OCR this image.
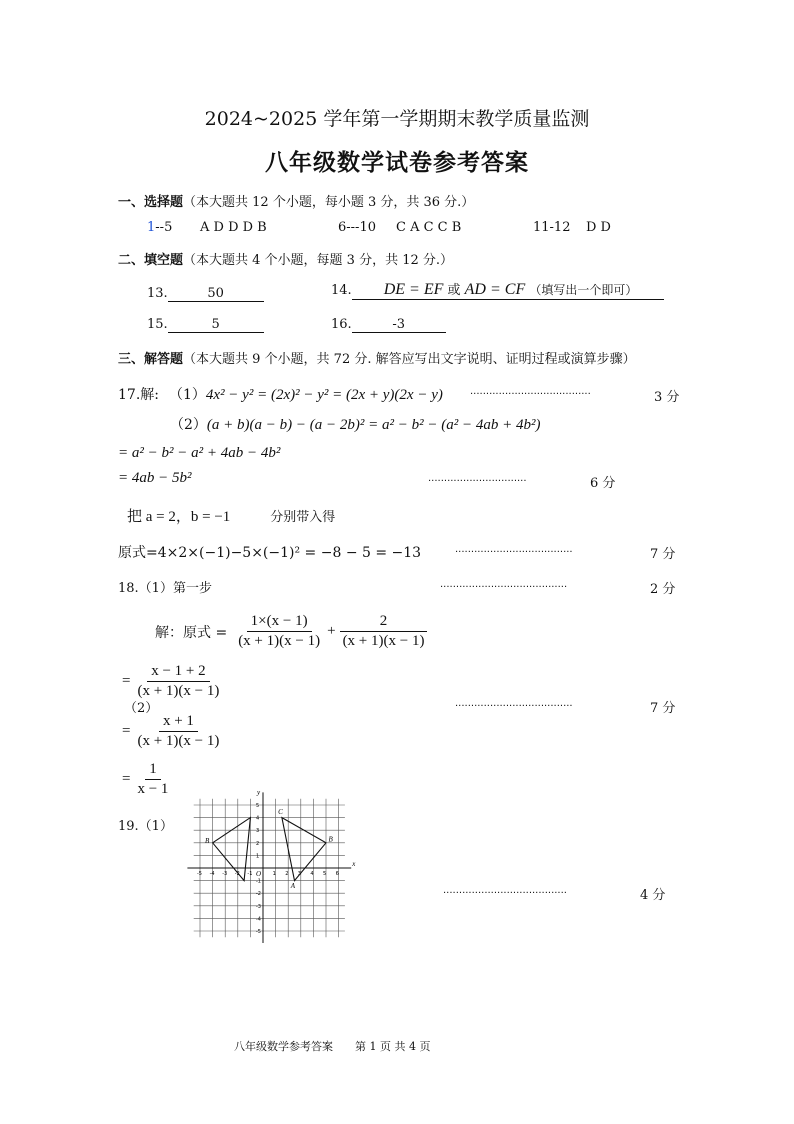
2024~2025 学年第一学期期末教学质量监测
八年级数学试卷参考答案
一、选择题（本大题共 12 个小题，每小题 3 分，共 36 分.）
1--5 A D D D B	6---10 C A C C B	11-12 D D
二、填空题（本大题共 4 个小题，每题 3 分，共 12 分.）
13.	50	14. DE = EF 或 AD = CF （填写出一个即可）
15.	5	16.	-3
三、解答题（本大题共 9 个小题，共 72 分. 解答应写出文字说明、证明过程或演算步骤）
17.解: （1）4x² − y² = (2x)² − y² = (2x + y)(2x − y)	······································	3 分
（2）(a + b)(a − b) − (a − 2b)² = a² − b² − (a² − 4ab + 4b²)
= a² − b² − a² + 4ab − 4b²
= 4ab − 5b²	·······························	6 分
把 a = 2，b = −1	分别带入得
原式=4×2×(−1)−5×(−1)² = −8 − 5 = −13	·····································	7 分
18.（1）第一步	········································	2 分
解：原式 = $\frac{1\times(x - 1)}{(x + 1)(x - 1)} + \frac{2}{(x + 1)(x - 1)}$
= $\frac{x - 1 + 2}{(x + 1)(x - 1)}$
（2）	·····································	7 分
= $\frac{x + 1}{(x + 1)(x - 1)}$
= $\frac{1}{x - 1}$
19.（1）
·······································	4 分
x
y
O
-5 -4 -3 -2 -1	1 2 3 4 5 6
-5
-4
-3
-2
-1
1
2
3
4
5
C
B
A
B
八年级数学参考答案 第 1 页 共 4 页
